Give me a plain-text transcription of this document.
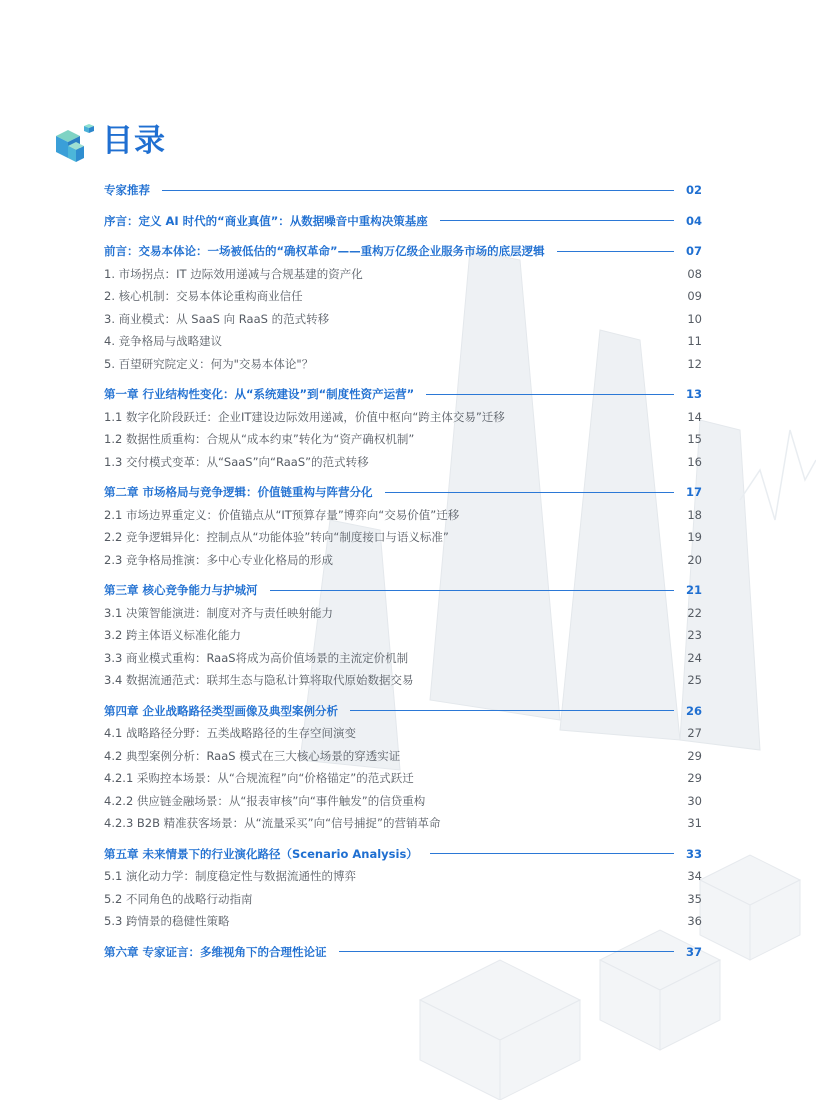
目录
专家推荐	02
序言：定义 AI 时代的“商业真值”：从数据噪音中重构决策基座	04
前言：交易本体论：一场被低估的“确权革命”——重构万亿级企业服务市场的底层逻辑	07
1. 市场拐点：IT 边际效用递减与合规基建的资产化	08
2. 核心机制：交易本体论重构商业信任	09
3. 商业模式：从 SaaS 向 RaaS 的范式转移	10
4. 竞争格局与战略建议	11
5. 百望研究院定义：何为"交易本体论"？	12
第一章 行业结构性变化：从“系统建设”到“制度性资产运营”	13
1.1 数字化阶段跃迁：企业IT建设边际效用递减，价值中枢向“跨主体交易”迁移	14
1.2 数据性质重构：合规从“成本约束”转化为“资产确权机制”	15
1.3 交付模式变革：从“SaaS”向“RaaS”的范式转移	16
第二章 市场格局与竞争逻辑：价值链重构与阵营分化	17
2.1 市场边界重定义：价值锚点从“IT预算存量”博弈向“交易价值”迁移	18
2.2 竞争逻辑异化：控制点从“功能体验”转向“制度接口与语义标准”	19
2.3 竞争格局推演：多中心专业化格局的形成	20
第三章 核心竞争能力与护城河	21
3.1 决策智能演进：制度对齐与责任映射能力	22
3.2 跨主体语义标准化能力	23
3.3 商业模式重构：RaaS将成为高价值场景的主流定价机制	24
3.4 数据流通范式：联邦生态与隐私计算将取代原始数据交易	25
第四章 企业战略路径类型画像及典型案例分析	26
4.1 战略路径分野：五类战略路径的生存空间演变	27
4.2 典型案例分析：RaaS 模式在三大核心场景的穿透实证	29
4.2.1 采购控本场景：从“合规流程”向“价格锚定”的范式跃迁	29
4.2.2 供应链金融场景：从“报表审核”向“事件触发”的信贷重构	30
4.2.3 B2B 精准获客场景：从“流量采买”向“信号捕捉”的营销革命	31
第五章 未来情景下的行业演化路径（Scenario Analysis）	33
5.1 演化动力学：制度稳定性与数据流通性的博弈	34
5.2 不同角色的战略行动指南	35
5.3 跨情景的稳健性策略	36
第六章 专家证言：多维视角下的合理性论证	37
